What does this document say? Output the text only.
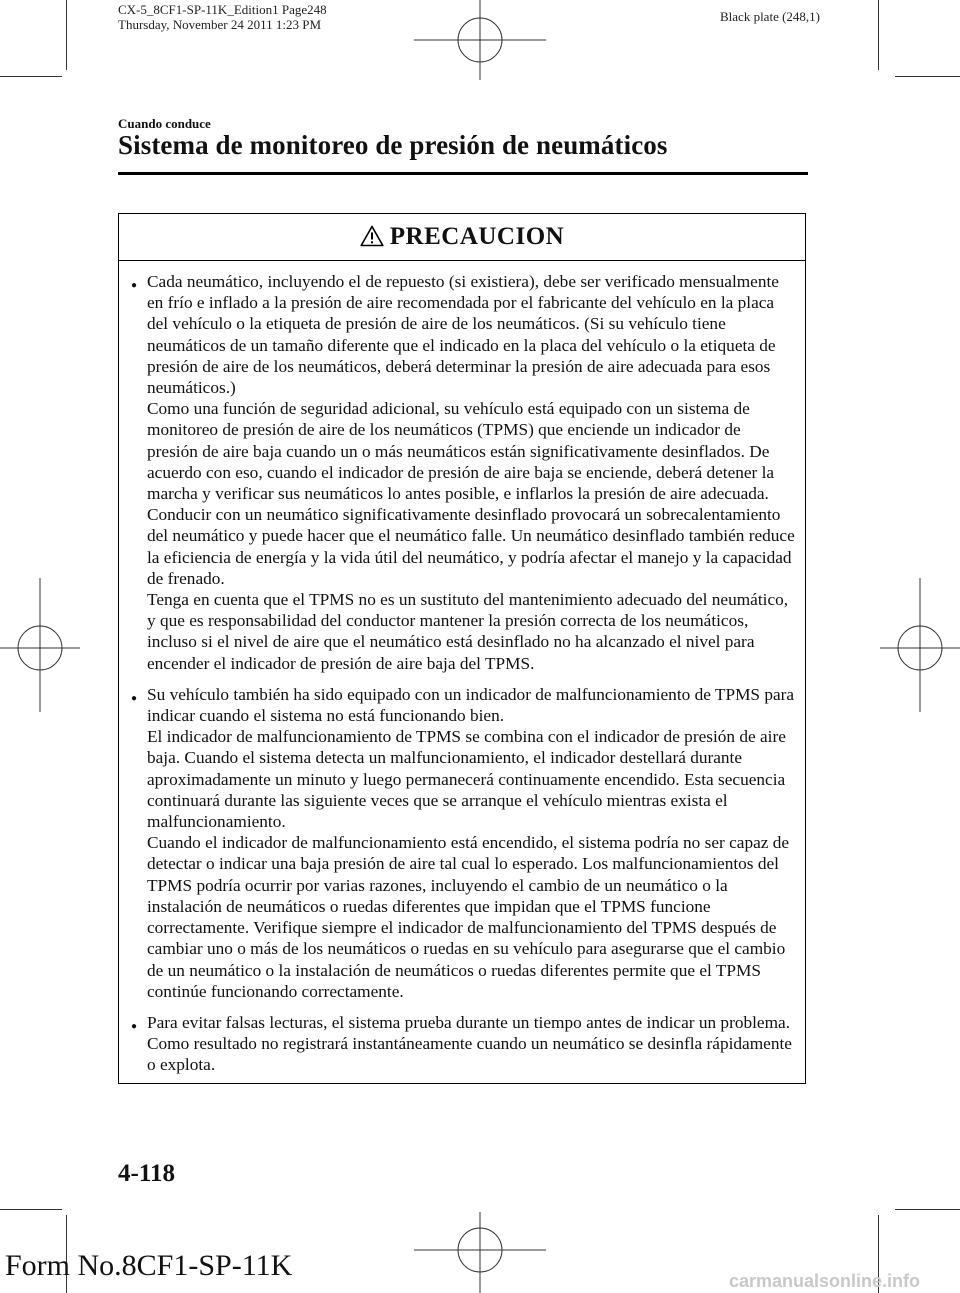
CX-5_8CF1-SP-11K_Edition1 Page248
Thursday, November 24 2011 1:23 PM
Black plate (248,1)
Cuando conduce
Sistema de monitoreo de presión de neumáticos
PRECAUCION
● Cada neumático, incluyendo el de repuesto (si existiera), debe ser verificado mensualmente en frío e inflado a la presión de aire recomendada por el fabricante del vehículo en la placa del vehículo o la etiqueta de presión de aire de los neumáticos. (Si su vehículo tiene neumáticos de un tamaño diferente que el indicado en la placa del vehículo o la etiqueta de presión de aire de los neumáticos, deberá determinar la presión de aire adecuada para esos neumáticos.)

Como una función de seguridad adicional, su vehículo está equipado con un sistema de monitoreo de presión de aire de los neumáticos (TPMS) que enciende un indicador de presión de aire baja cuando un o más neumáticos están significativamente desinflados. De acuerdo con eso, cuando el indicador de presión de aire baja se enciende, deberá detener la marcha y verificar sus neumáticos lo antes posible, e inflarlos la presión de aire adecuada. Conducir con un neumático significativamente desinflado provocará un sobrecalentamiento del neumático y puede hacer que el neumático falle. Un neumático desinflado también reduce la eficiencia de energía y la vida útil del neumático, y podría afectar el manejo y la capacidad de frenado.

Tenga en cuenta que el TPMS no es un sustituto del mantenimiento adecuado del neumático, y que es responsabilidad del conductor mantener la presión correcta de los neumáticos, incluso si el nivel de aire que el neumático está desinflado no ha alcanzado el nivel para encender el indicador de presión de aire baja del TPMS.

● Su vehículo también ha sido equipado con un indicador de malfuncionamiento de TPMS para indicar cuando el sistema no está funcionando bien.

El indicador de malfuncionamiento de TPMS se combina con el indicador de presión de aire baja. Cuando el sistema detecta un malfuncionamiento, el indicador destellará durante aproximadamente un minuto y luego permanecerá continuamente encendido. Esta secuencia continuará durante las siguiente veces que se arranque el vehículo mientras exista el malfuncionamiento.

Cuando el indicador de malfuncionamiento está encendido, el sistema podría no ser capaz de detectar o indicar una baja presión de aire tal cual lo esperado. Los malfuncionamientos del TPMS podría ocurrir por varias razones, incluyendo el cambio de un neumático o la instalación de neumáticos o ruedas diferentes que impidan que el TPMS funcione correctamente. Verifique siempre el indicador de malfuncionamiento del TPMS después de cambiar uno o más de los neumáticos o ruedas en su vehículo para asegurarse que el cambio de un neumático o la instalación de neumáticos o ruedas diferentes permite que el TPMS continúe funcionando correctamente.

● Para evitar falsas lecturas, el sistema prueba durante un tiempo antes de indicar un problema. Como resultado no registrará instantáneamente cuando un neumático se desinfla rápidamente o explota.

4-118
Form No.8CF1-SP-11K	carmanualsonline.info
